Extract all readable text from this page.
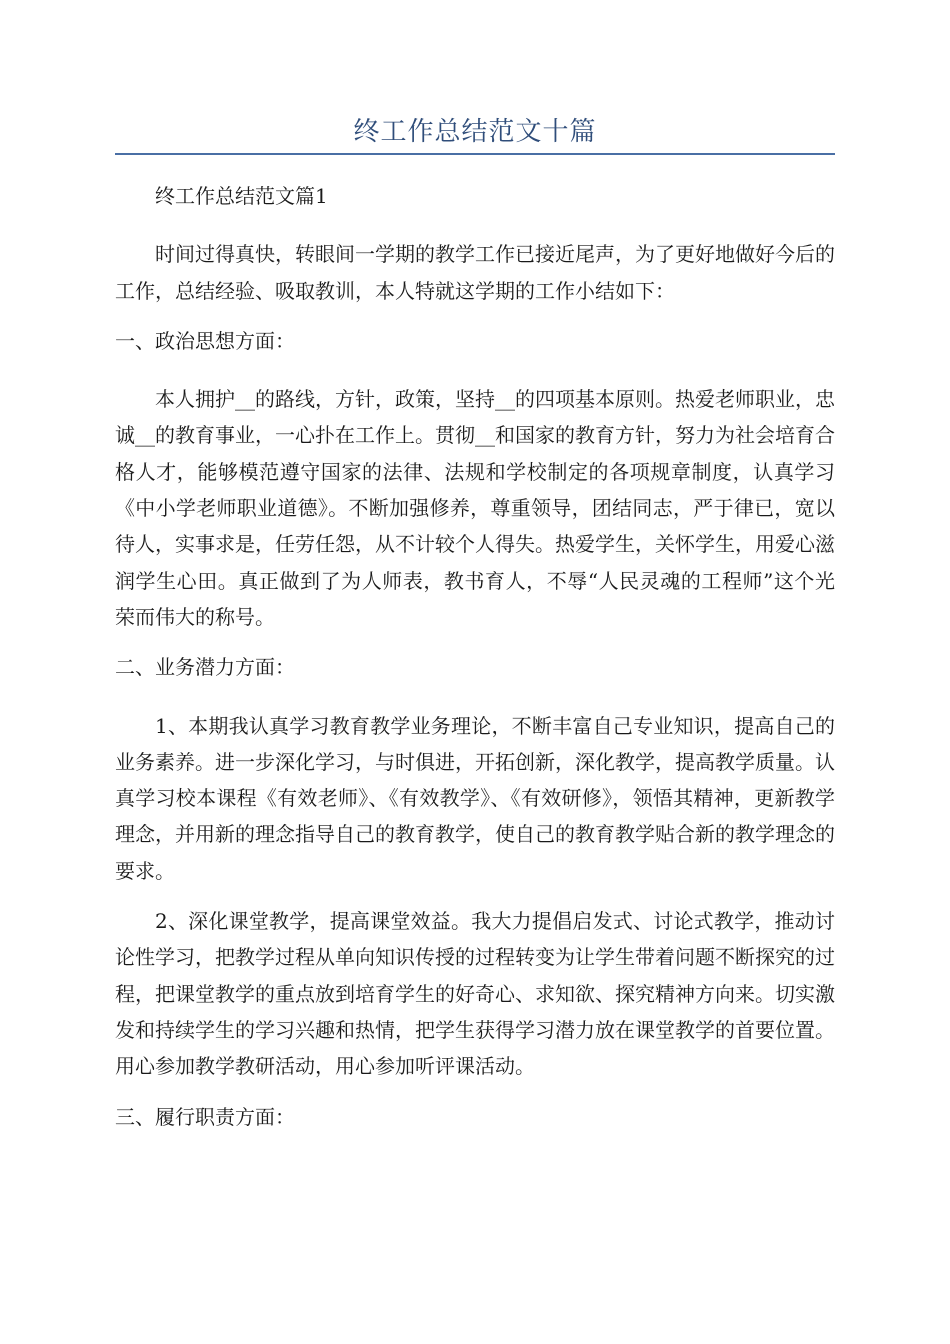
终工作总结范文十篇

终工作总结范文篇1

时间过得真快，转眼间一学期的教学工作已接近尾声，为了更好地做好今后的工作，总结经验、吸取教训，本人特就这学期的工作小结如下：

一、政治思想方面：

本人拥护__的路线，方针，政策，坚持__的四项基本原则。热爱老师职业，忠诚__的教育事业，一心扑在工作上。贯彻__和国家的教育方针，努力为社会培育合格人才，能够模范遵守国家的法律、法规和学校制定的各项规章制度，认真学习《中小学老师职业道德》。不断加强修养，尊重领导，团结同志，严于律已，宽以待人，实事求是，任劳任怨，从不计较个人得失。热爱学生，关怀学生，用爱心滋润学生心田。真正做到了为人师表，教书育人，不辱“人民灵魂的工程师”这个光荣而伟大的称号。

二、业务潜力方面：

1、本期我认真学习教育教学业务理论，不断丰富自己专业知识，提高自己的业务素养。进一步深化学习，与时俱进，开拓创新，深化教学，提高教学质量。认真学习校本课程《有效老师》、《有效教学》、《有效研修》，领悟其精神，更新教学理念，并用新的理念指导自己的教育教学，使自己的教育教学贴合新的教学理念的要求。

2、深化课堂教学，提高课堂效益。我大力提倡启发式、讨论式教学，推动讨论性学习，把教学过程从单向知识传授的过程转变为让学生带着问题不断探究的过程，把课堂教学的重点放到培育学生的好奇心、求知欲、探究精神方向来。切实激发和持续学生的学习兴趣和热情，把学生获得学习潜力放在课堂教学的首要位置。用心参加教学教研活动，用心参加听评课活动。

三、履行职责方面：
